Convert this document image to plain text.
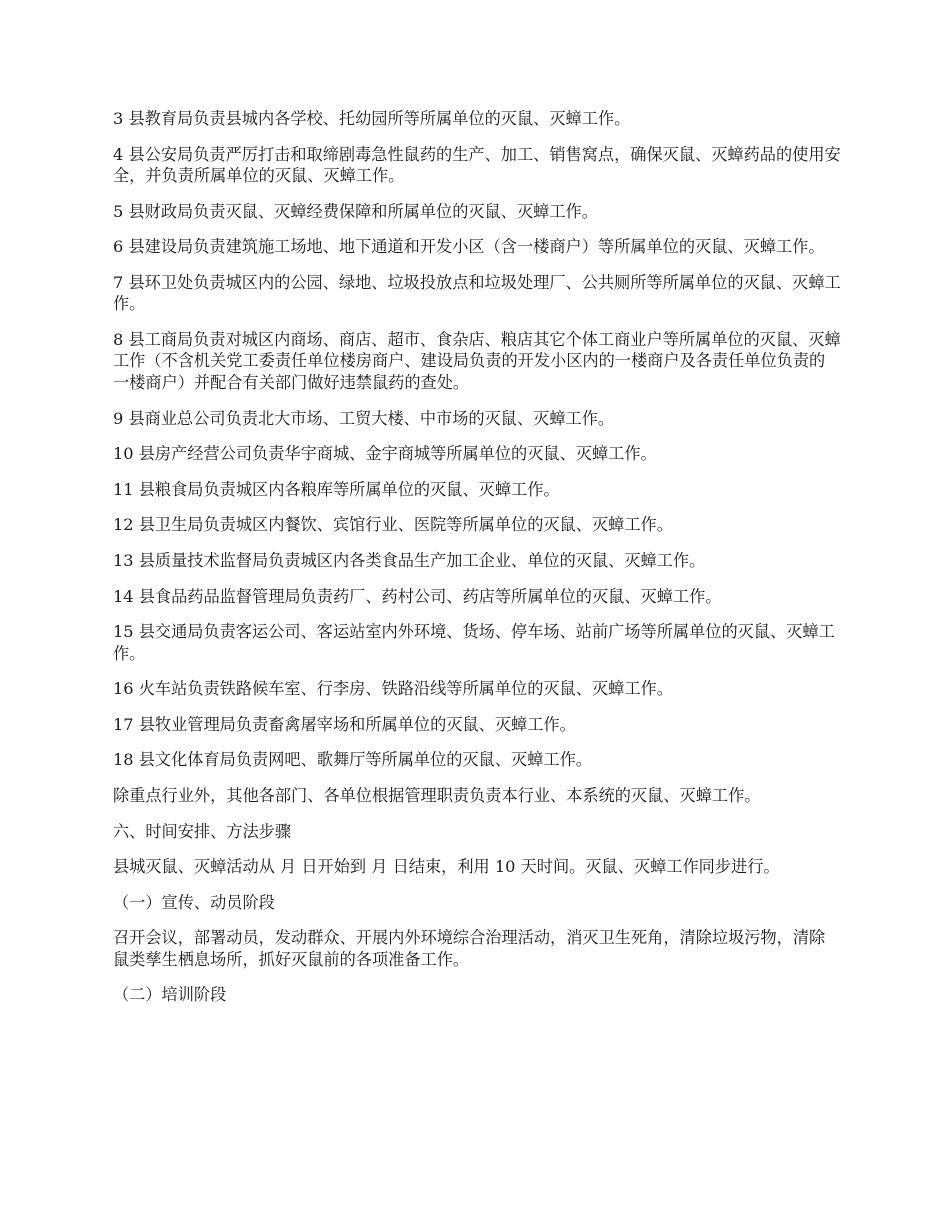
3 县教育局负责县城内各学校、托幼园所等所属单位的灭鼠、灭蟑工作。

4 县公安局负责严厉打击和取缔剧毒急性鼠药的生产、加工、销售窝点，确保灭鼠、灭蟑药品的使用安全，并负责所属单位的灭鼠、灭蟑工作。

5 县财政局负责灭鼠、灭蟑经费保障和所属单位的灭鼠、灭蟑工作。

6 县建设局负责建筑施工场地、地下通道和开发小区（含一楼商户）等所属单位的灭鼠、灭蟑工作。

7 县环卫处负责城区内的公园、绿地、垃圾投放点和垃圾处理厂、公共厕所等所属单位的灭鼠、灭蟑工作。

8 县工商局负责对城区内商场、商店、超市、食杂店、粮店其它个体工商业户等所属单位的灭鼠、灭蟑工作（不含机关党工委责任单位楼房商户、建设局负责的开发小区内的一楼商户及各责任单位负责的一楼商户）并配合有关部门做好违禁鼠药的查处。

9 县商业总公司负责北大市场、工贸大楼、中市场的灭鼠、灭蟑工作。

10 县房产经营公司负责华宇商城、金宇商城等所属单位的灭鼠、灭蟑工作。

11 县粮食局负责城区内各粮库等所属单位的灭鼠、灭蟑工作。

12 县卫生局负责城区内餐饮、宾馆行业、医院等所属单位的灭鼠、灭蟑工作。

13 县质量技术监督局负责城区内各类食品生产加工企业、单位的灭鼠、灭蟑工作。

14 县食品药品监督管理局负责药厂、药村公司、药店等所属单位的灭鼠、灭蟑工作。

15 县交通局负责客运公司、客运站室内外环境、货场、停车场、站前广场等所属单位的灭鼠、灭蟑工作。

16 火车站负责铁路候车室、行李房、铁路沿线等所属单位的灭鼠、灭蟑工作。

17 县牧业管理局负责畜禽屠宰场和所属单位的灭鼠、灭蟑工作。

18 县文化体育局负责网吧、歌舞厅等所属单位的灭鼠、灭蟑工作。

除重点行业外，其他各部门、各单位根据管理职责负责本行业、本系统的灭鼠、灭蟑工作。

六、时间安排、方法步骤

县城灭鼠、灭蟑活动从 月 日开始到 月 日结束，利用 10 天时间。灭鼠、灭蟑工作同步进行。

（一）宣传、动员阶段

召开会议，部署动员，发动群众、开展内外环境综合治理活动，消灭卫生死角，清除垃圾污物，清除鼠类孳生栖息场所，抓好灭鼠前的各项准备工作。

（二）培训阶段
